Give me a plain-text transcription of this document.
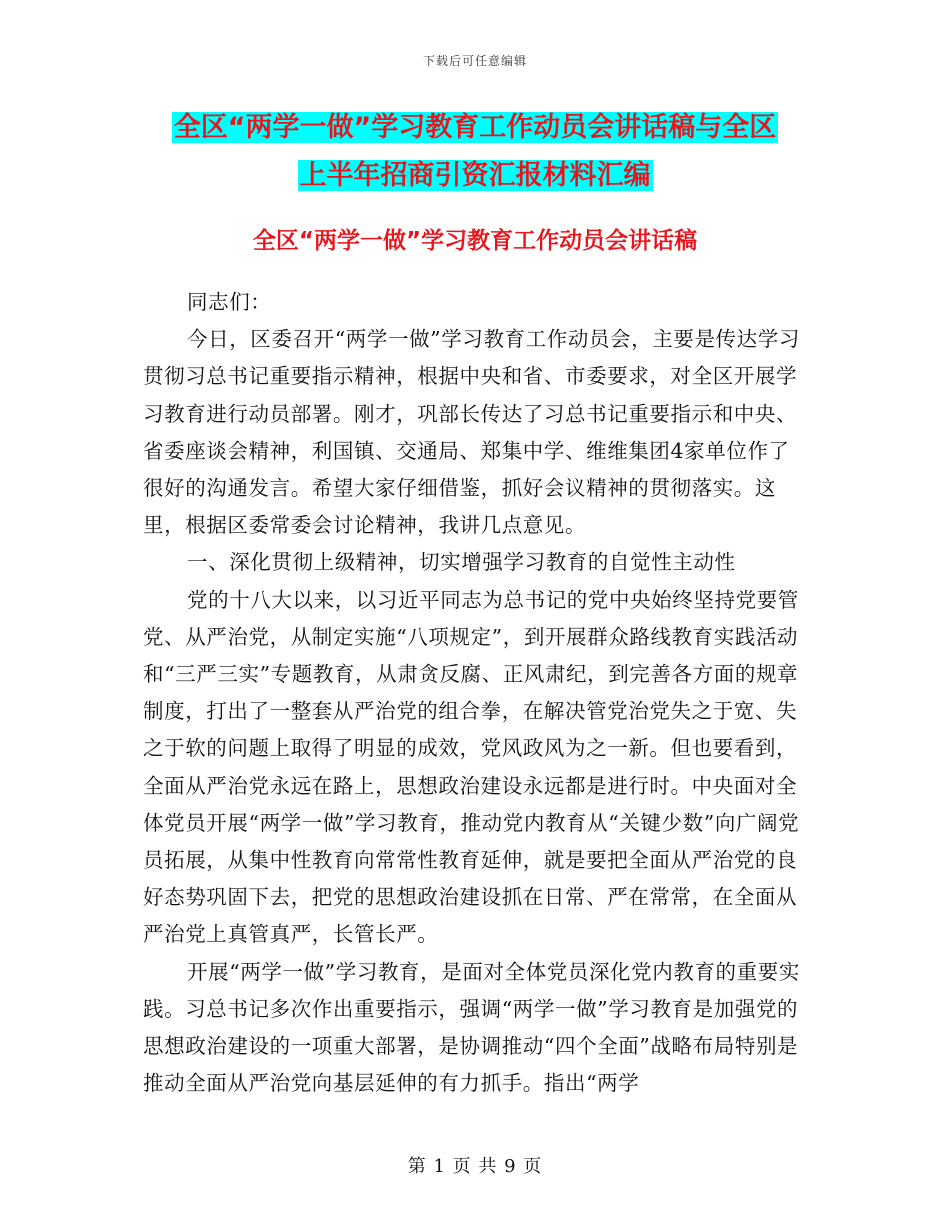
下载后可任意编辑
全区“两学一做”学习教育工作动员会讲话稿与全区
上半年招商引资汇报材料汇编
全区“两学一做”学习教育工作动员会讲话稿

同志们：

今日，区委召开“两学一做”学习教育工作动员会，主要是传达学习贯彻习总书记重要指示精神，根据中央和省、市委要求，对全区开展学习教育进行动员部署。刚才，巩部长传达了习总书记重要指示和中央、省委座谈会精神，利国镇、交通局、郑集中学、维维集团4家单位作了很好的沟通发言。希望大家仔细借鉴，抓好会议精神的贯彻落实。这里，根据区委常委会讨论精神，我讲几点意见。

一、深化贯彻上级精神，切实增强学习教育的自觉性主动性

党的十八大以来，以习近平同志为总书记的党中央始终坚持党要管党、从严治党，从制定实施“八项规定”，到开展群众路线教育实践活动和“三严三实”专题教育，从肃贪反腐、正风肃纪，到完善各方面的规章制度，打出了一整套从严治党的组合拳，在解决管党治党失之于宽、失之于软的问题上取得了明显的成效，党风政风为之一新。但也要看到，全面从严治党永远在路上，思想政治建设永远都是进行时。中央面对全体党员开展“两学一做”学习教育，推动党内教育从“关键少数”向广阔党员拓展，从集中性教育向常常性教育延伸，就是要把全面从严治党的良好态势巩固下去，把党的思想政治建设抓在日常、严在常常，在全面从严治党上真管真严，长管长严。

开展“两学一做”学习教育，是面对全体党员深化党内教育的重要实践。习总书记多次作出重要指示，强调“两学一做”学习教育是加强党的思想政治建设的一项重大部署，是协调推动“四个全面”战略布局特别是推动全面从严治党向基层延伸的有力抓手。指出“两学

第 1 页 共 9 页
